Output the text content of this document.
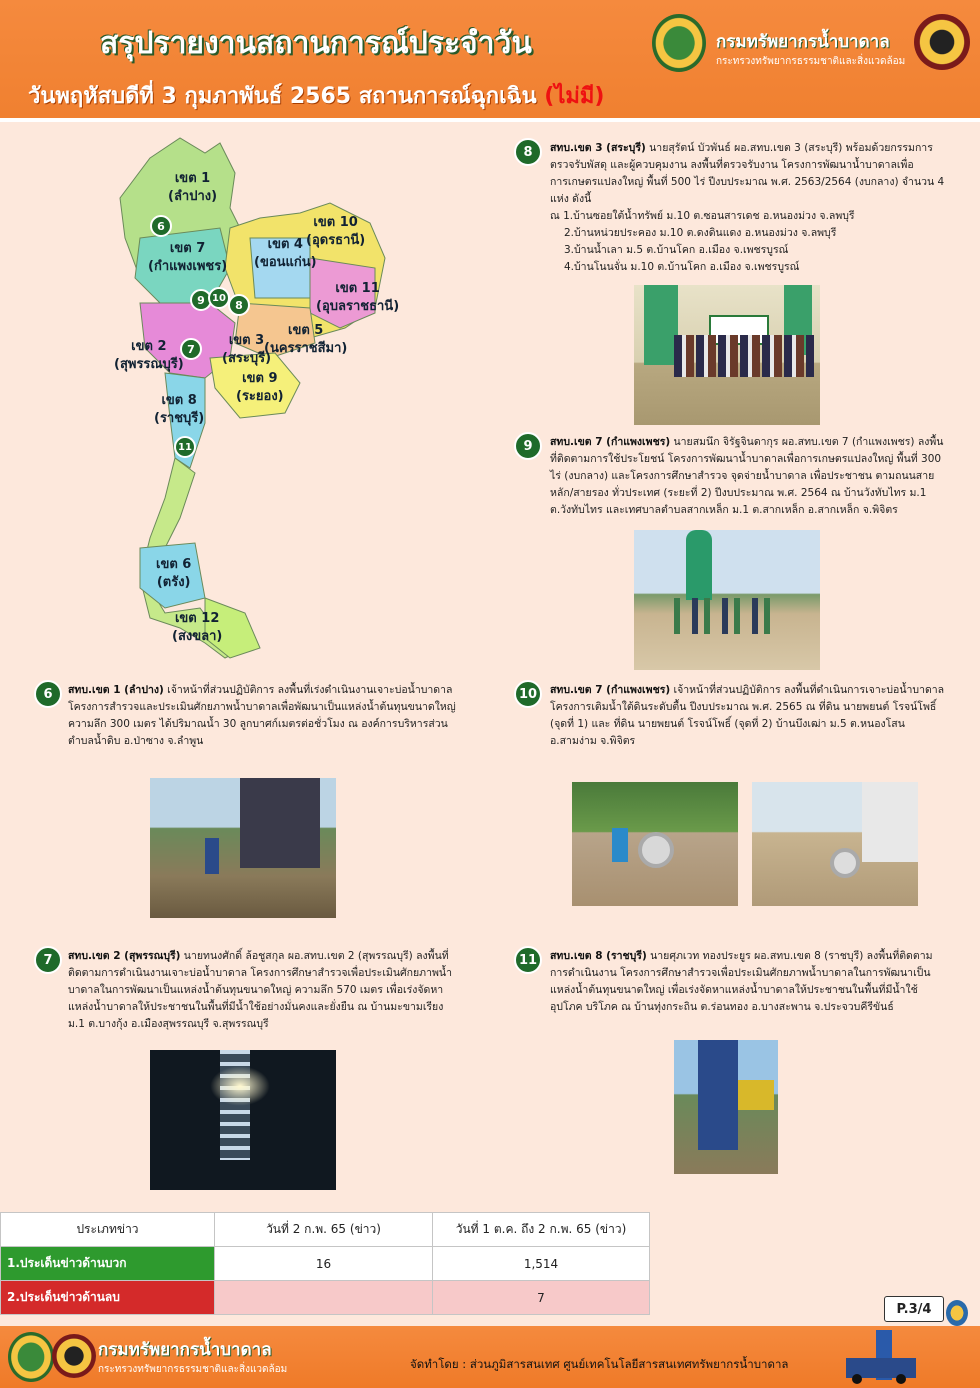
สรุปรายงานสถานการณ์ประจำวัน
วันพฤหัสบดีที่ 3 กุมภาพันธ์ 2565 สถานการณ์ฉุกเฉิน (ไม่มี)
กรมทรัพยากรน้ำบาดาล
กระทรวงทรัพยากรธรรมชาติและสิ่งแวดล้อม
เขต 1
(ลำปาง)
เขต 7
(กำแพงเพชร)
เขต 10
(อุดรธานี)
เขต 4
(ขอนแก่น)
เขต 11
(อุบลราชธานี)
เขต 2
(สุพรรณบุรี)
เขต 3
(สระบุรี)
เขต 5
(นครราชสีมา)
เขต 9
(ระยอง)
เขต 8
(ราชบุรี)
เขต 6
(ตรัง)
เขต 12
(สงขลา)
6
9 10
8
7
11
8	สทบ.เขต 3 (สระบุรี) นายสุรัตน์ บัวพันธ์ ผอ.สทบ.เขต 3 (สระบุรี) พร้อมด้วยกรรมการตรวจรับพัสดุ และผู้ควบคุมงาน ลงพื้นที่ตรวจรับงาน โครงการพัฒนาน้ำบาดาลเพื่อการเกษตรแปลงใหญ่ พื้นที่ 500 ไร่ ปีงบประมาณ พ.ศ. 2563/2564 (งบกลาง) จำนวน 4 แห่ง ดังนี้
ณ 1.บ้านซอยใต้น้ำทรัพย์ ม.10 ต.ซอนสารเดช อ.หนองม่วง จ.ลพบุรี
2.บ้านหน่วยประคอง ม.10 ต.ดงดินแดง อ.หนองม่วง จ.ลพบุรี
3.บ้านน้ำเลา ม.5 ต.บ้านโคก อ.เมือง จ.เพชรบูรณ์
4.บ้านโนนจั่น ม.10 ต.บ้านโคก อ.เมือง จ.เพชรบูรณ์
9	สทบ.เขต 7 (กำแพงเพชร) นายสมนึก จิรัฐจินดากุร ผอ.สทบ.เขต 7 (กำแพงเพชร) ลงพื้นที่ติดตามการใช้ประโยชน์ โครงการพัฒนาน้ำบาดาลเพื่อการเกษตรแปลงใหญ่ พื้นที่ 300 ไร่ (งบกลาง) และโครงการศึกษาสำรวจ จุดจ่ายน้ำบาดาล เพื่อประชาชน ตามถนนสายหลัก/สายรอง ทั่วประเทศ (ระยะที่ 2) ปีงบประมาณ พ.ศ. 2564 ณ บ้านวังทับไทร ม.1 ต.วังทับไทร และเทศบาลตำบลสากเหล็ก ม.1 ต.สากเหล็ก อ.สากเหล็ก จ.พิจิตร
6	สทบ.เขต 1 (ลำปาง) เจ้าหน้าที่ส่วนปฏิบัติการ ลงพื้นที่เร่งดำเนินงานเจาะบ่อน้ำบาดาล โครงการสำรวจและประเมินศักยภาพน้ำบาดาลเพื่อพัฒนาเป็นแหล่งน้ำต้นทุนขนาดใหญ่ ความลึก 300 เมตร ได้ปริมาณน้ำ 30 ลูกบาศก์เมตรต่อชั่วโมง ณ องค์การบริหารส่วนตำบลน้ำดิบ อ.ป่าซาง จ.ลำพูน
10	สทบ.เขต 7 (กำแพงเพชร) เจ้าหน้าที่ส่วนปฏิบัติการ ลงพื้นที่ดำเนินการเจาะบ่อน้ำบาดาล โครงการเติมน้ำใต้ดินระดับตื้น ปีงบประมาณ พ.ศ. 2565 ณ ที่ดิน นายพยนต์ โรจน์โพธิ์ (จุดที่ 1) และ ที่ดิน นายพยนต์ โรจน์โพธิ์ (จุดที่ 2) บ้านบึงเฒ่า ม.5 ต.หนองโสน อ.สามง่าม จ.พิจิตร
7	สทบ.เขต 2 (สุพรรณบุรี) นายทนงศักดิ์ ล้อชูสกุล ผอ.สทบ.เขต 2 (สุพรรณบุรี) ลงพื้นที่ติดตามการดำเนินงานเจาะบ่อน้ำบาดาล โครงการศึกษาสำรวจเพื่อประเมินศักยภาพน้ำบาดาลในการพัฒนาเป็นแหล่งน้ำต้นทุนขนาดใหญ่ ความลึก 570 เมตร เพื่อเร่งจัดหาแหล่งน้ำบาดาลให้ประชาชนในพื้นที่มีน้ำใช้อย่างมั่นคงและยั่งยืน ณ บ้านมะขามเรียง ม.1 ต.บางกุ้ง อ.เมืองสุพรรณบุรี จ.สุพรรณบุรี
11	สทบ.เขต 8 (ราชบุรี) นายศุภเวท ทองประยูร ผอ.สทบ.เขต 8 (ราชบุรี) ลงพื้นที่ติดตามการดำเนินงาน โครงการศึกษาสำรวจเพื่อประเมินศักยภาพน้ำบาดาลในการพัฒนาเป็นแหล่งน้ำต้นทุนขนาดใหญ่ เพื่อเร่งจัดหาแหล่งน้ำบาดาลให้ประชาชนในพื้นที่มีน้ำใช้อุปโภค บริโภค ณ บ้านทุ่งกระถิน ต.ร่อนทอง อ.บางสะพาน จ.ประจวบคีรีขันธ์
ประเภทข่าว	วันที่ 2 ก.พ. 65 (ข่าว)	วันที่ 1 ต.ค. ถึง 2 ก.พ. 65 (ข่าว)
1.ประเด็นข่าวด้านบวก	16	1,514
2.ประเด็นข่าวด้านลบ		7
P.3/4
กรมทรัพยากรน้ำบาดาล
กระทรวงทรัพยากรธรรมชาติและสิ่งแวดล้อม	จัดทำโดย : ส่วนภูมิสารสนเทศ ศูนย์เทคโนโลยีสารสนเทศทรัพยากรน้ำบาดาล
